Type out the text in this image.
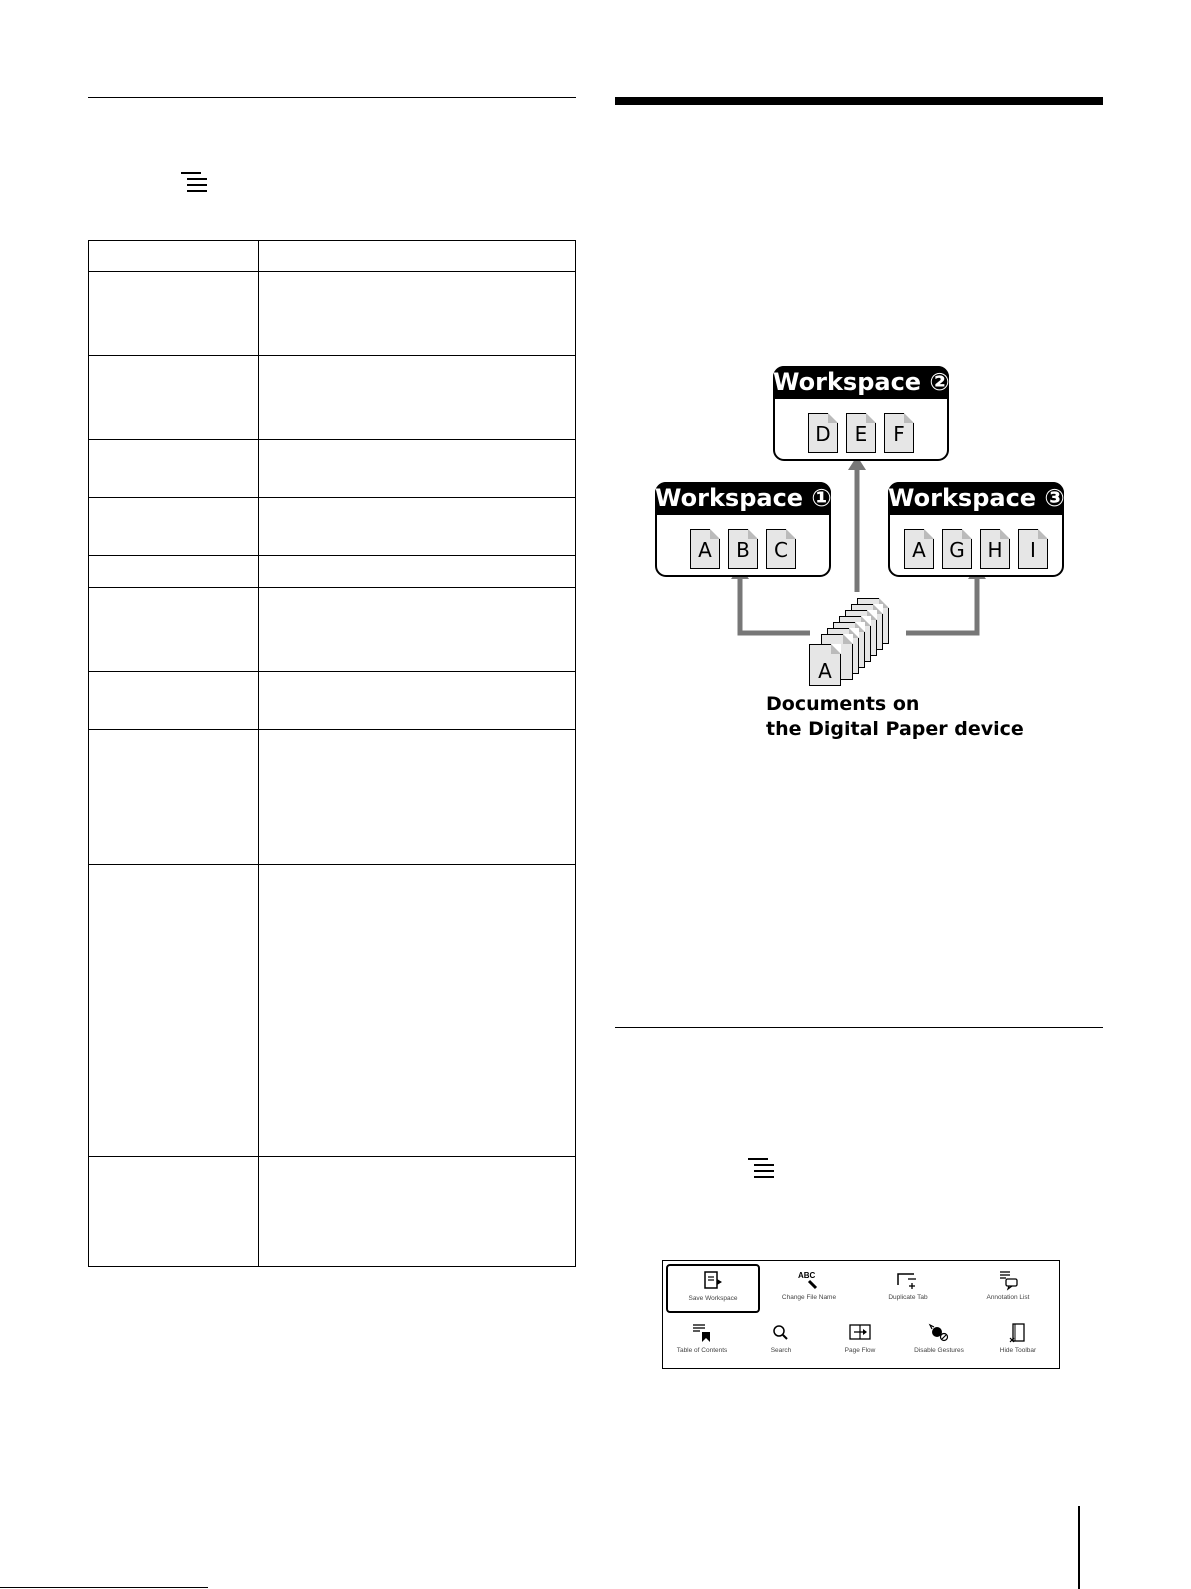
Workspace ①
A B C
Workspace ②
D E F
Workspace ③
A G H I
A
Documents on
the Digital Paper device
Save Workspace
ABC
Change File Name	Duplicate Tab	Annotation List
Table of Contents	Search	Page Flow	Disable Gestures	Hide Toolbar
